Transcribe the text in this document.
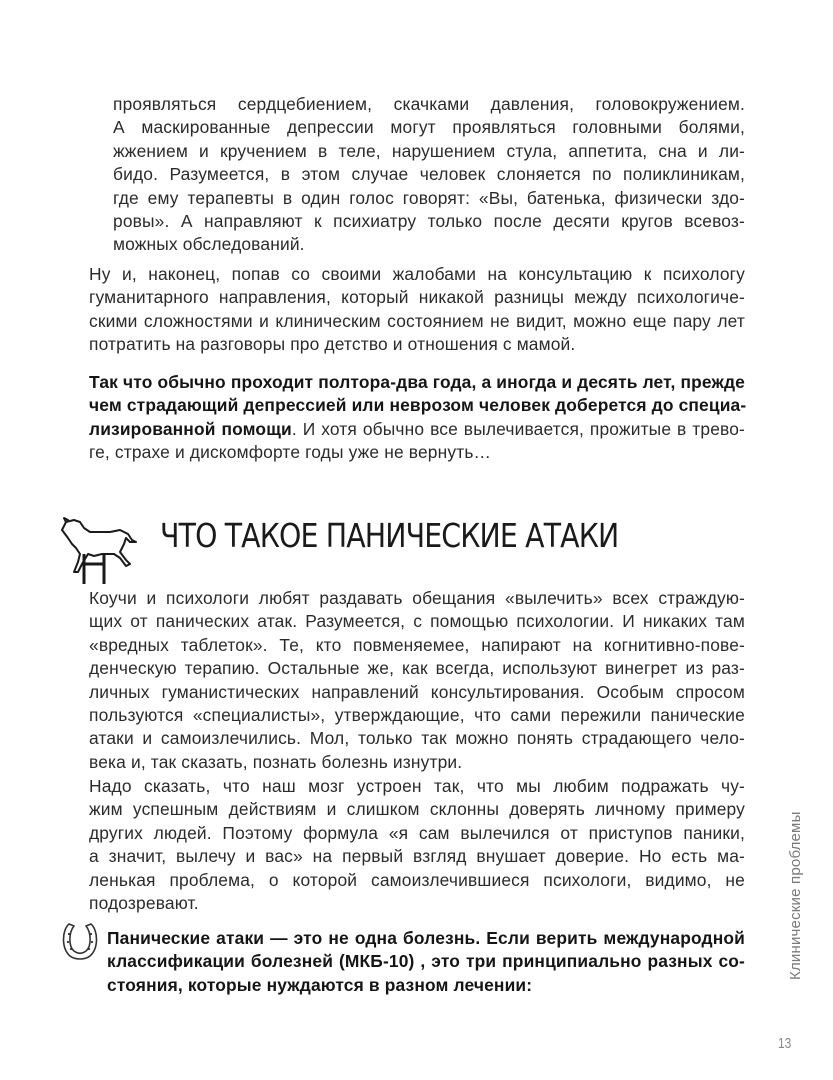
проявляться сердцебиением, скачками давления, головокружением.
А маскированные депрессии могут проявляться головными болями,
жжением и кручением в теле, нарушением стула, аппетита, сна и ли-
бидо. Разумеется, в этом случае человек слоняется по поликлиникам,
где ему терапевты в один голос говорят: «Вы, батенька, физически здо-
ровы». А направляют к психиатру только после десяти кругов всевоз-
можных обследований.
Ну и, наконец, попав со своими жалобами на консультацию к психологу
гуманитарного направления, который никакой разницы между психологиче-
скими сложностями и клиническим состоянием не видит, можно еще пару лет
потратить на разговоры про детство и отношения с мамой.
Так что обычно проходит полтора-два года, а иногда и десять лет, прежде
чем страдающий депрессией или неврозом человек доберется до специа-
лизированной помощи. И хотя обычно все вылечивается, прожитые в трево-
ге, страхе и дискомфорте годы уже не вернуть…
ЧТО ТАКОЕ ПАНИЧЕСКИЕ АТАКИ
Коучи и психологи любят раздавать обещания «вылечить» всех страждую-
щих от панических атак. Разумеется, с помощью психологии. И никаких там
«вредных таблеток». Те, кто повменяемее, напирают на когнитивно-пове-
денческую терапию. Остальные же, как всегда, используют винегрет из раз-
личных гуманистических направлений консультирования. Особым спросом
пользуются «специалисты», утверждающие, что сами пережили панические
атаки и самоизлечились. Мол, только так можно понять страдающего чело-
века и, так сказать, познать болезнь изнутри.
Надо сказать, что наш мозг устроен так, что мы любим подражать чу-
жим успешным действиям и слишком склонны доверять личному примеру
других людей. Поэтому формула «я сам вылечился от приступов паники,
а значит, вылечу и вас» на первый взгляд внушает доверие. Но есть ма-
ленькая проблема, о которой самоизлечившиеся психологи, видимо, не
подозревают.
Панические атаки — это не одна болезнь. Если верить международной
классификации болезней (МКБ-10) , это три принципиально разных со-
стояния, которые нуждаются в разном лечении:
Клинические проблемы
13
